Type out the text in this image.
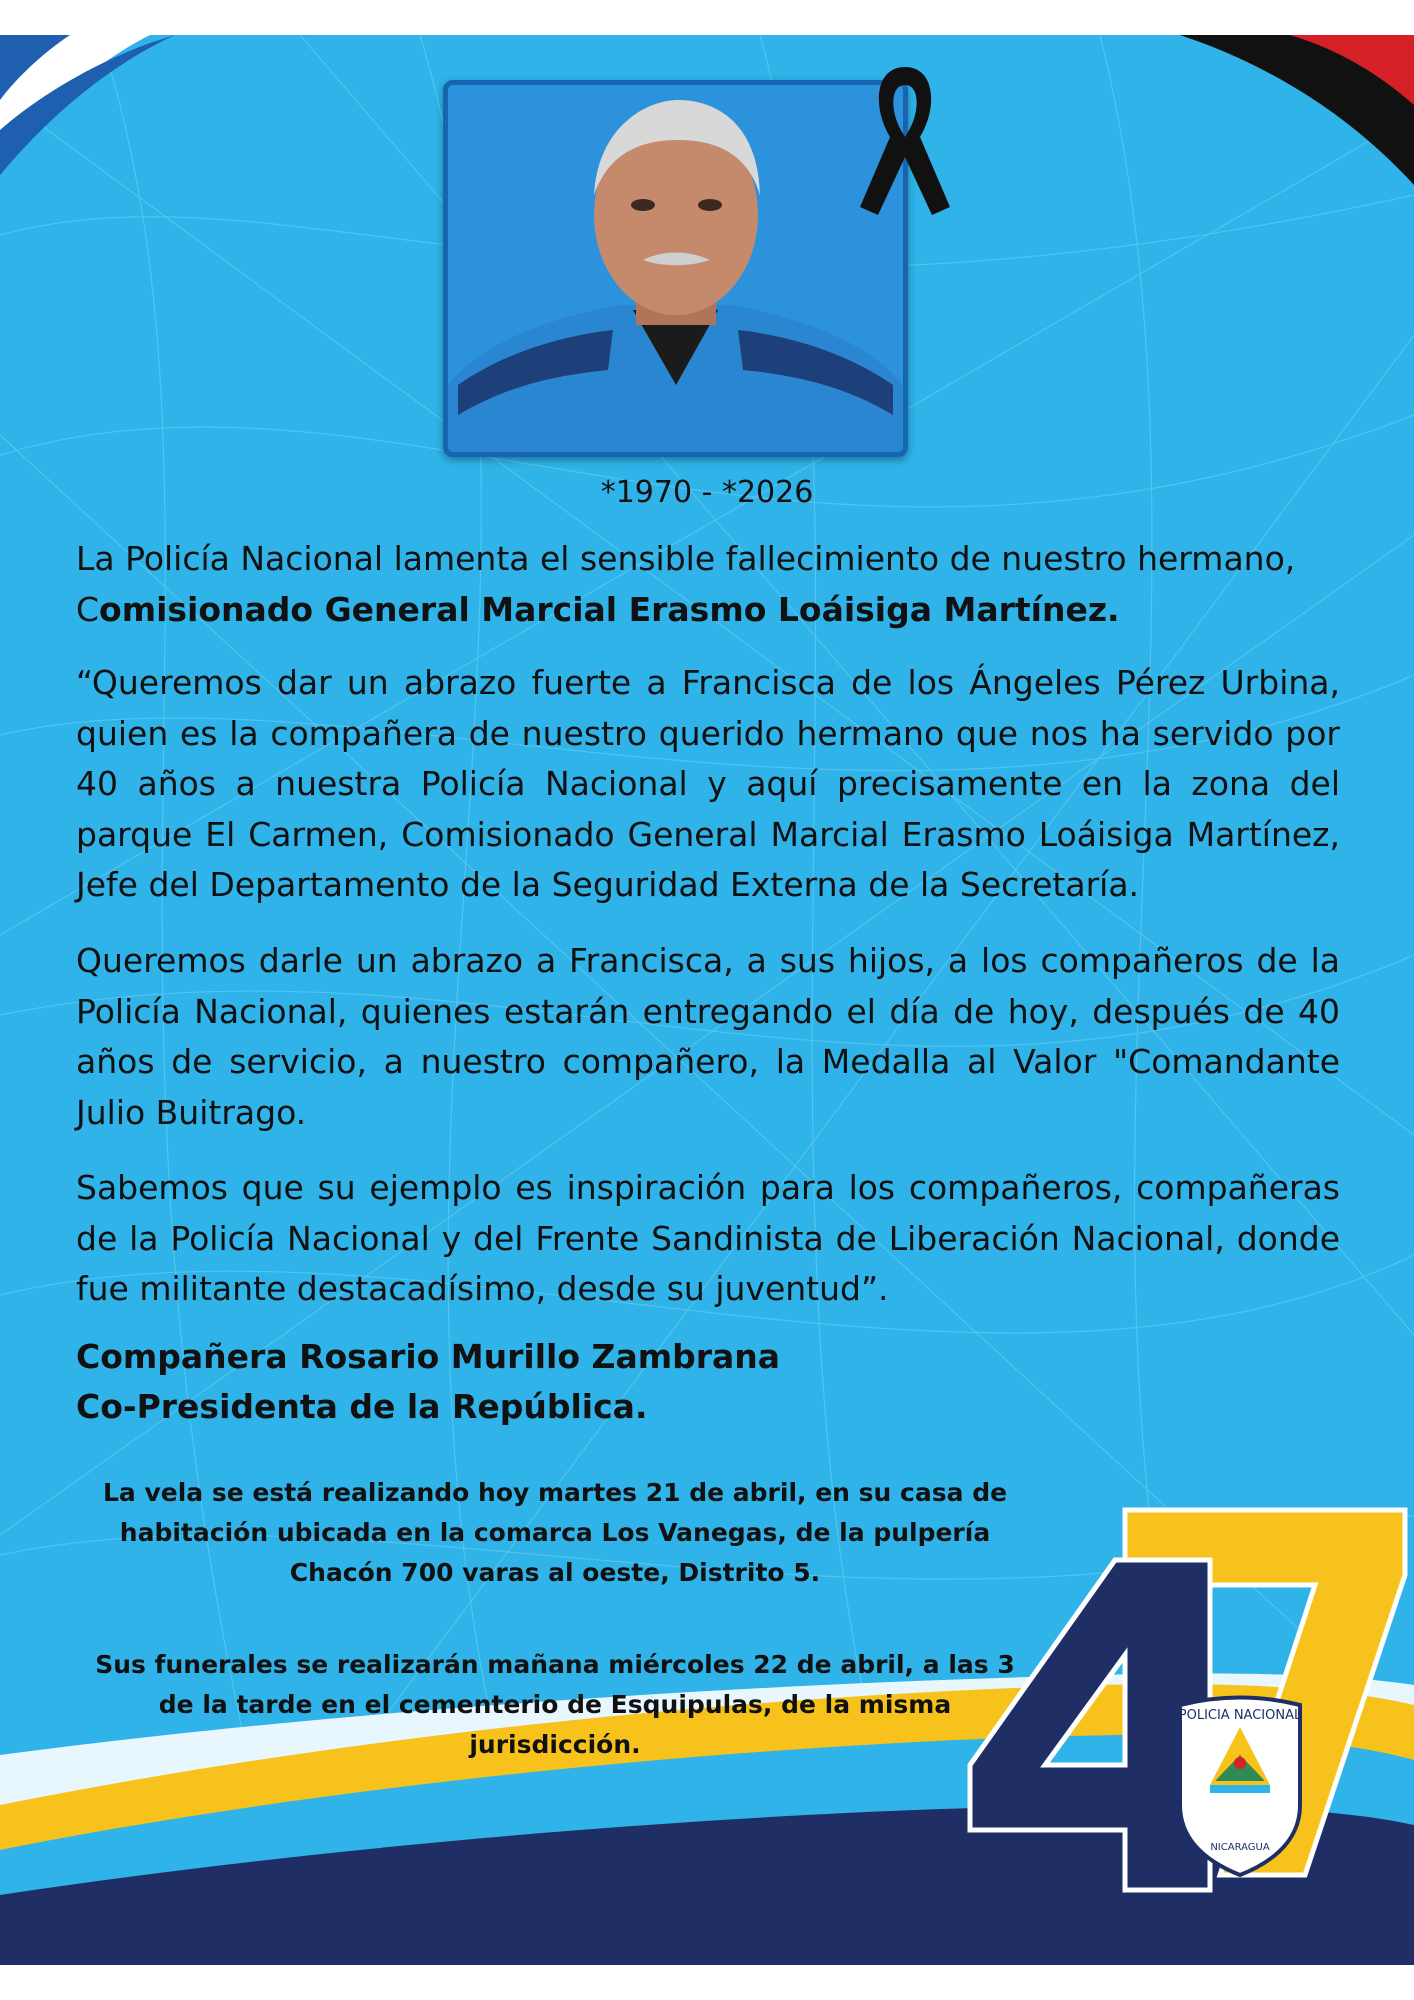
*1970 - *2026
La Policía Nacional lamenta el sensible fallecimiento de nuestro hermano, Comisionado General Marcial Erasmo Loáisiga Martínez.
“Queremos dar un abrazo fuerte a Francisca de los Ángeles Pérez Urbina, quien es la compañera de nuestro querido hermano que nos ha servido por 40 años a nuestra Policía Nacional y aquí precisamente en la zona del parque El Carmen, Comisionado General Marcial Erasmo Loáisiga Martínez, Jefe del Departamento de la Seguridad Externa de la Secretaría.
Queremos darle un abrazo a Francisca, a sus hijos, a los compañeros de la Policía Nacional, quienes estarán entregando el día de hoy, después de 40 años de servicio, a nuestro compañero, la Medalla al Valor "Comandante Julio Buitrago.
Sabemos que su ejemplo es inspiración para los compañeros, compañeras de la Policía Nacional y del Frente Sandinista de Liberación Nacional, donde fue militante destacadísimo, desde su juventud”.
Compañera Rosario Murillo Zambrana
Co-Presidenta de la República.
La vela se está realizando hoy martes 21 de abril, en su casa de habitación ubicada en la comarca Los Vanegas, de la pulpería Chacón 700 varas al oeste, Distrito 5.
Sus funerales se realizarán mañana miércoles 22 de abril, a las 3 de la tarde en el cementerio de Esquipulas, de la misma jurisdicción.
POLICIA NACIONAL
NICARAGUA
